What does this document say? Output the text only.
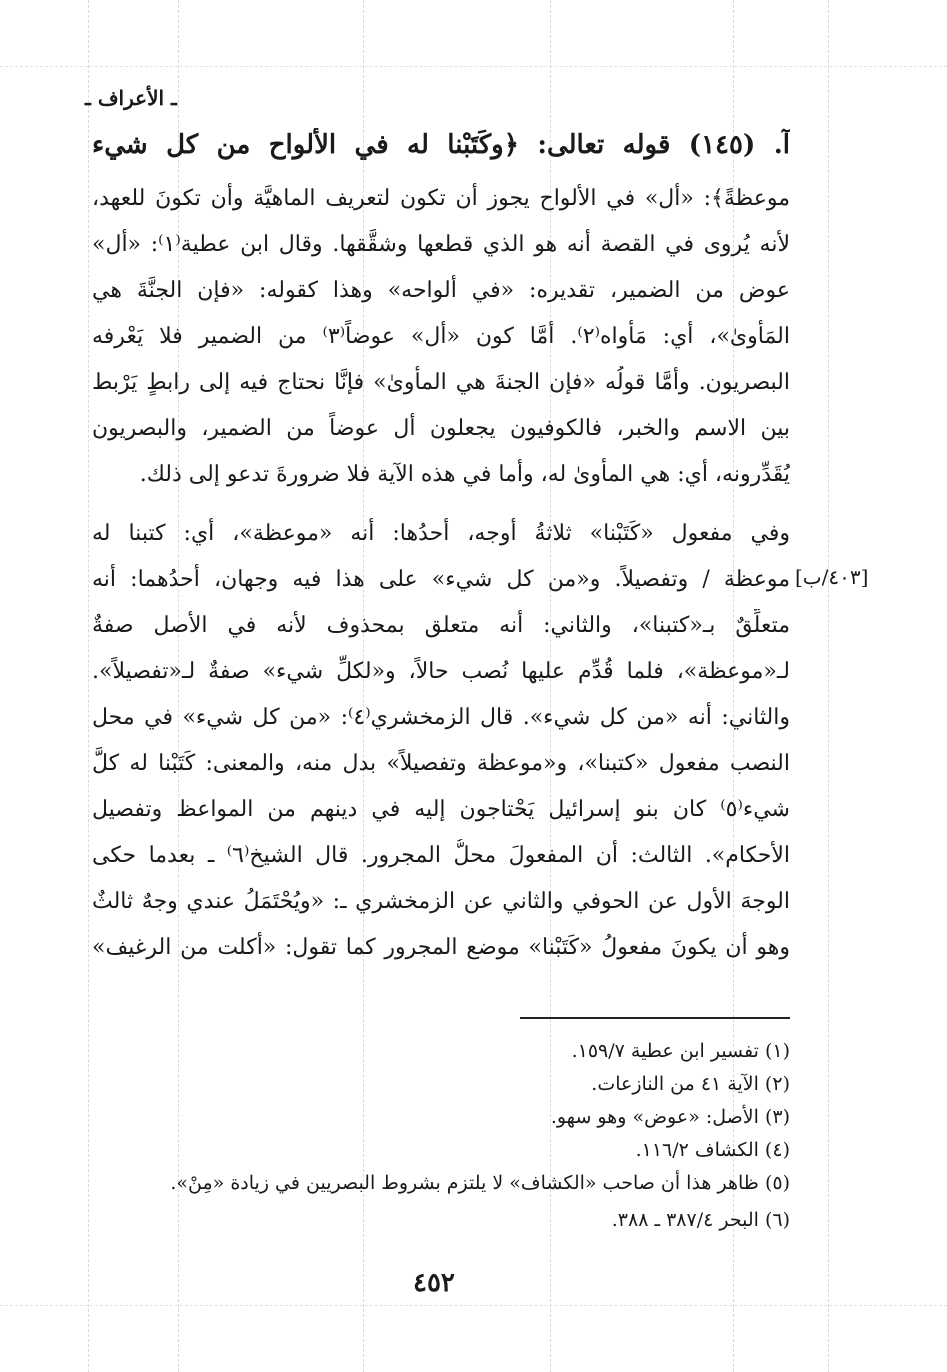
ـ الأعراف ـ
آ. (١٤٥) قوله تعالى: ﴿وكَتَبْنا له في الألواح من كل شيء
موعظةً﴾: «أل» في الألواح يجوز أن تكون لتعريف الماهيَّة وأن تكونَ للعهد،
لأنه يُروى في القصة أنه هو الذي قطعها وشقَّقها. وقال ابن عطية⁽١⁾: «أل»
عوض من الضمير، تقديره: «في ألواحه» وهذا كقوله: «فإن الجنَّةَ هي
المَأْوىٰ»، أي: مَأْواه⁽٢⁾. أمَّا كون «أل» عوضاً⁽٣⁾ من الضمير فلا يَعْرفه
البصريون. وأمَّا قولُه «فإن الجنةَ هي المأوىٰ» فإنَّا نحتاج فيه إلى رابطٍ يَرْبط
بين الاسم والخبر، فالكوفيون يجعلون أل عوضاً من الضمير، والبصريون
يُقَدِّرونه، أي: هي المأوىٰ له، وأما في هذه الآية فلا ضرورةَ تدعو إلى ذلك.
وفي مفعول «كَتَبْنا» ثلاثةُ أوجه، أحدُها: أنه «موعظة»، أي: كتبنا له
موعظة / وتفصيلاً. و«من كل شيء» على هذا فيه وجهان، أحدُهما: أنه [٤٠٣/ب]
متعلِّقٌ بـ«كتبنا»، والثاني: أنه متعلق بمحذوف لأنه في الأصل صفةٌ
لـ«موعظة»، فلما قُدِّم عليها نُصب حالاً، و«لكلِّ شيء» صفةٌ لـ«تفصيلاً».
والثاني: أنه «من كل شيء». قال الزمخشري⁽٤⁾: «من كل شيء» في محل
النصب مفعول «كتبنا»، و«موعظة وتفصيلاً» بدل منه، والمعنى: كَتَبْنا له كلَّ
شيء⁽٥⁾ كان بنو إسرائيل يَحْتاجون إليه في دينهم من المواعظ وتفصيل
الأحكام». الثالث: أن المفعولَ محلُّ المجرور. قال الشيخ⁽٦⁾ ـ بعدما حكى
الوجهَ الأول عن الحوفي والثاني عن الزمخشري ـ: «ويُحْتَمَلُ عندي وجهٌ ثالثٌ
وهو أن يكونَ مفعولُ «كَتَبْنا» موضع المجرور كما تقول: «أكلت من الرغيف»
(١) تفسير ابن عطية ١٥٩/٧.
(٢) الآية ٤١ من النازعات.
(٣) الأصل: «عوض» وهو سهو.
(٤) الكشاف ١١٦/٢.
(٥) ظاهر هذا أن صاحب «الكشاف» لا يلتزم بشروط البصريين في زيادة «مِنْ».
(٦) البحر ٣٨٧/٤ ـ ٣٨٨.
٤٥٢
